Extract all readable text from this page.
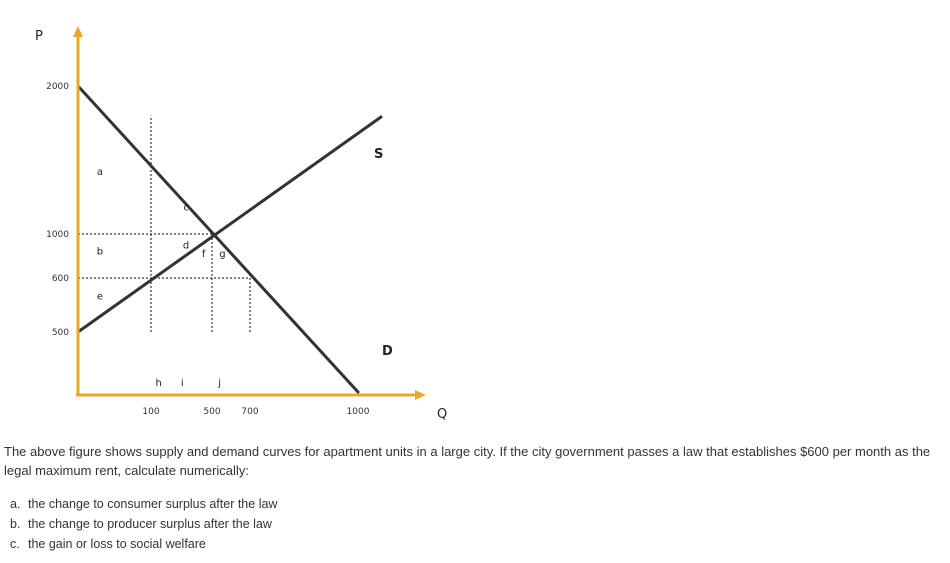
S
D
2000
1000
600
500
100	500 700	1000
a
b
c
d
e
f g
h i	j
P
Q
The above figure shows supply and demand curves for apartment units in a large city. If the city government passes a law that establishes $600 per month as the legal maximum rent, calculate numerically:
a. the change to consumer surplus after the law
b. the change to producer surplus after the law
c. the gain or loss to social welfare
